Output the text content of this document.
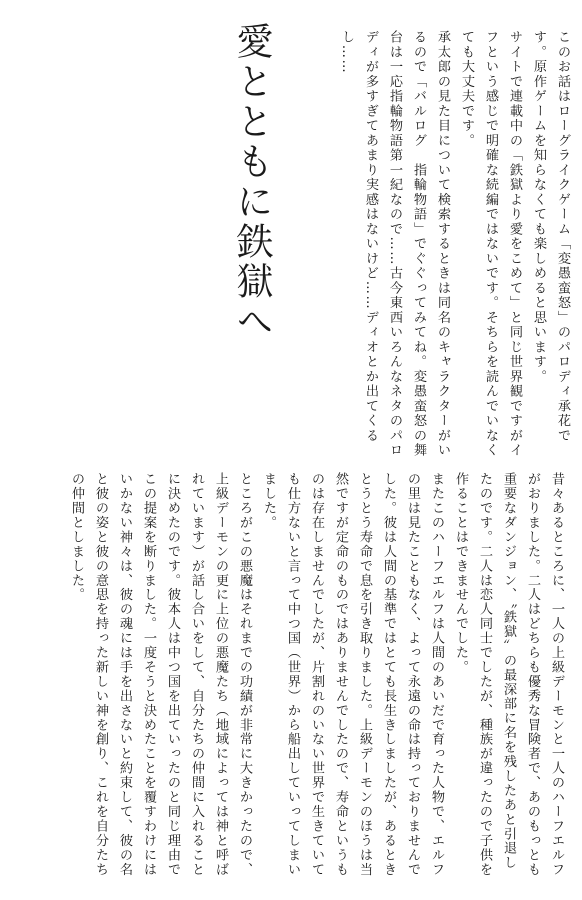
愛とともに鉄獄へ	このお話はローグライクゲーム「変愚蛮怒」のパロディ承花です。原作ゲームを知らなくても楽しめると思います。

サイトで連載中の「鉄獄より愛をこめて」と同じ世界観ですがイフという感じで明確な続編ではないです。そちらを読んでいなくても大丈夫です。

承太郎の見た目について検索するときは同名のキャラクターがいるので「バルログ　指輪物語」でぐぐってみてね。変愚蛮怒の舞台は一応指輪物語第一紀なので……古今東西いろんなネタのパロディが多すぎてあまり実感はないけど……ディオとか出てくるし……

昔々あるところに、一人の上級デーモンと一人のハーフエルフがおりました。二人はどちらも優秀な冒険者で、あのもっとも重要なダンジョン、〝鉄獄〟の最深部に名を残したあと引退したのです。二人は恋人同士でしたが、種族が違ったので子供を作ることはできませんでした。

またこのハーフエルフは人間のあいだで育った人物で、エルフの里は見たこともなく、よって永遠の命は持っておりませんでした。彼は人間の基準ではとても長生きしましたが、あるときとうとう寿命で息を引き取りました。上級デーモンのほうは当然ですが定命のものではありませんでしたので、寿命というものは存在しませんでしたが、片割れのいない世界で生きていても仕方ないと言って中つ国（世界）から船出していってしまいました。

ところがこの悪魔はそれまでの功績が非常に大きかったので、上級デーモンの更に上位の悪魔たち（地域によっては神と呼ばれています）が話し合いをして、自分たちの仲間に入れることに決めたのです。彼本人は中つ国を出ていったのと同じ理由でこの提案を断りました。一度そうと決めたことを覆すわけにはいかない神々は、彼の魂には手を出さないと約束して、彼の名と彼の姿と彼の意思を持った新しい神を創り、これを自分たちの仲間としました。
